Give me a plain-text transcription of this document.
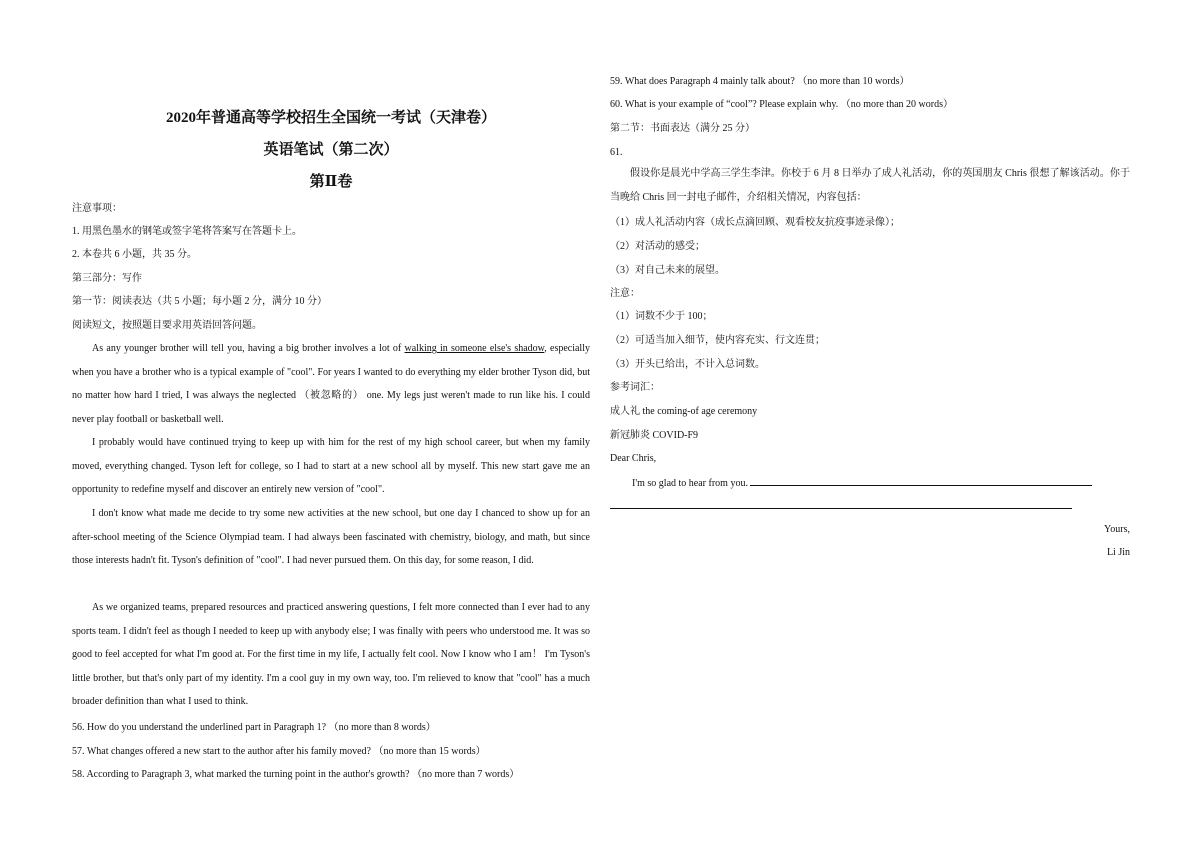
2020年普通高等学校招生全国统一考试（天津卷）
英语笔试（第二次）
第Ⅱ卷
注意事项：
1. 用黑色墨水的钢笔或签字笔将答案写在答题卡上。
2. 本卷共 6 小题，共 35 分。
第三部分：写作
第一节：阅读表达（共 5 小题；每小题 2 分，满分 10 分）
阅读短文，按照题目要求用英语回答问题。
As any younger brother will tell you, having a big brother involves a lot of walking in someone else's shadow, especially when you have a brother who is a typical example of "cool". For years I wanted to do everything my elder brother Tyson did, but no matter how hard I tried, I was always the neglected （被忽略的） one. My legs just weren't made to run like his. I could never play football or basketball well.
I probably would have continued trying to keep up with him for the rest of my high school career, but when my family moved, everything changed. Tyson left for college, so I had to start at a new school all by myself. This new start gave me an opportunity to redefine myself and discover an entirely new version of "cool".
I don't know what made me decide to try some new activities at the new school, but one day I chanced to show up for an after-school meeting of the Science Olympiad team. I had always been fascinated with chemistry, biology, and math, but since those interests hadn't fit. Tyson's definition of "cool". I had never pursued them. On this day, for some reason, I did.
As we organized teams, prepared resources and practiced answering questions, I felt more connected than I ever had to any sports team. I didn't feel as though I needed to keep up with anybody else; I was finally with peers who understood me. It was so good to feel accepted for what I'm good at. For the first time in my life, I actually felt cool. Now I know who I am！ I'm Tyson's little brother, but that's only part of my identity. I'm a cool guy in my own way, too. I'm relieved to know that "cool" has a much broader definition than what I used to think.
56. How do you understand the underlined part in Paragraph 1? （no more than 8 words）
57. What changes offered a new start to the author after his family moved? （no more than 15 words）
58. According to Paragraph 3, what marked the turning point in the author's growth? （no more than 7 words）
59. What does Paragraph 4 mainly talk about? （no more than 10 words）
60. What is your example of “cool”? Please explain why. （no more than 20 words）
第二节：书面表达（满分 25 分）
61.
假设你是晨光中学高三学生李津。你校于 6 月 8 日举办了成人礼活动，你的英国朋友 Chris 很想了解该活动。你于当晚给 Chris 回一封电子邮件，介绍相关情况，内容包括：
（1）成人礼活动内容（成长点滴回顾、观看校友抗疫事迹录像）；
（2）对活动的感受；
（3）对自己未来的展望。
注意：
（1）词数不少于 100；
（2）可适当加入细节，使内容充实、行文连贯；
（3）开头已给出，不计入总词数。
参考词汇：
成人礼 the coming-of age ceremony
新冠肺炎 COVID-F9
Dear Chris,
I'm so glad to hear from you.
Yours,
Li Jin
